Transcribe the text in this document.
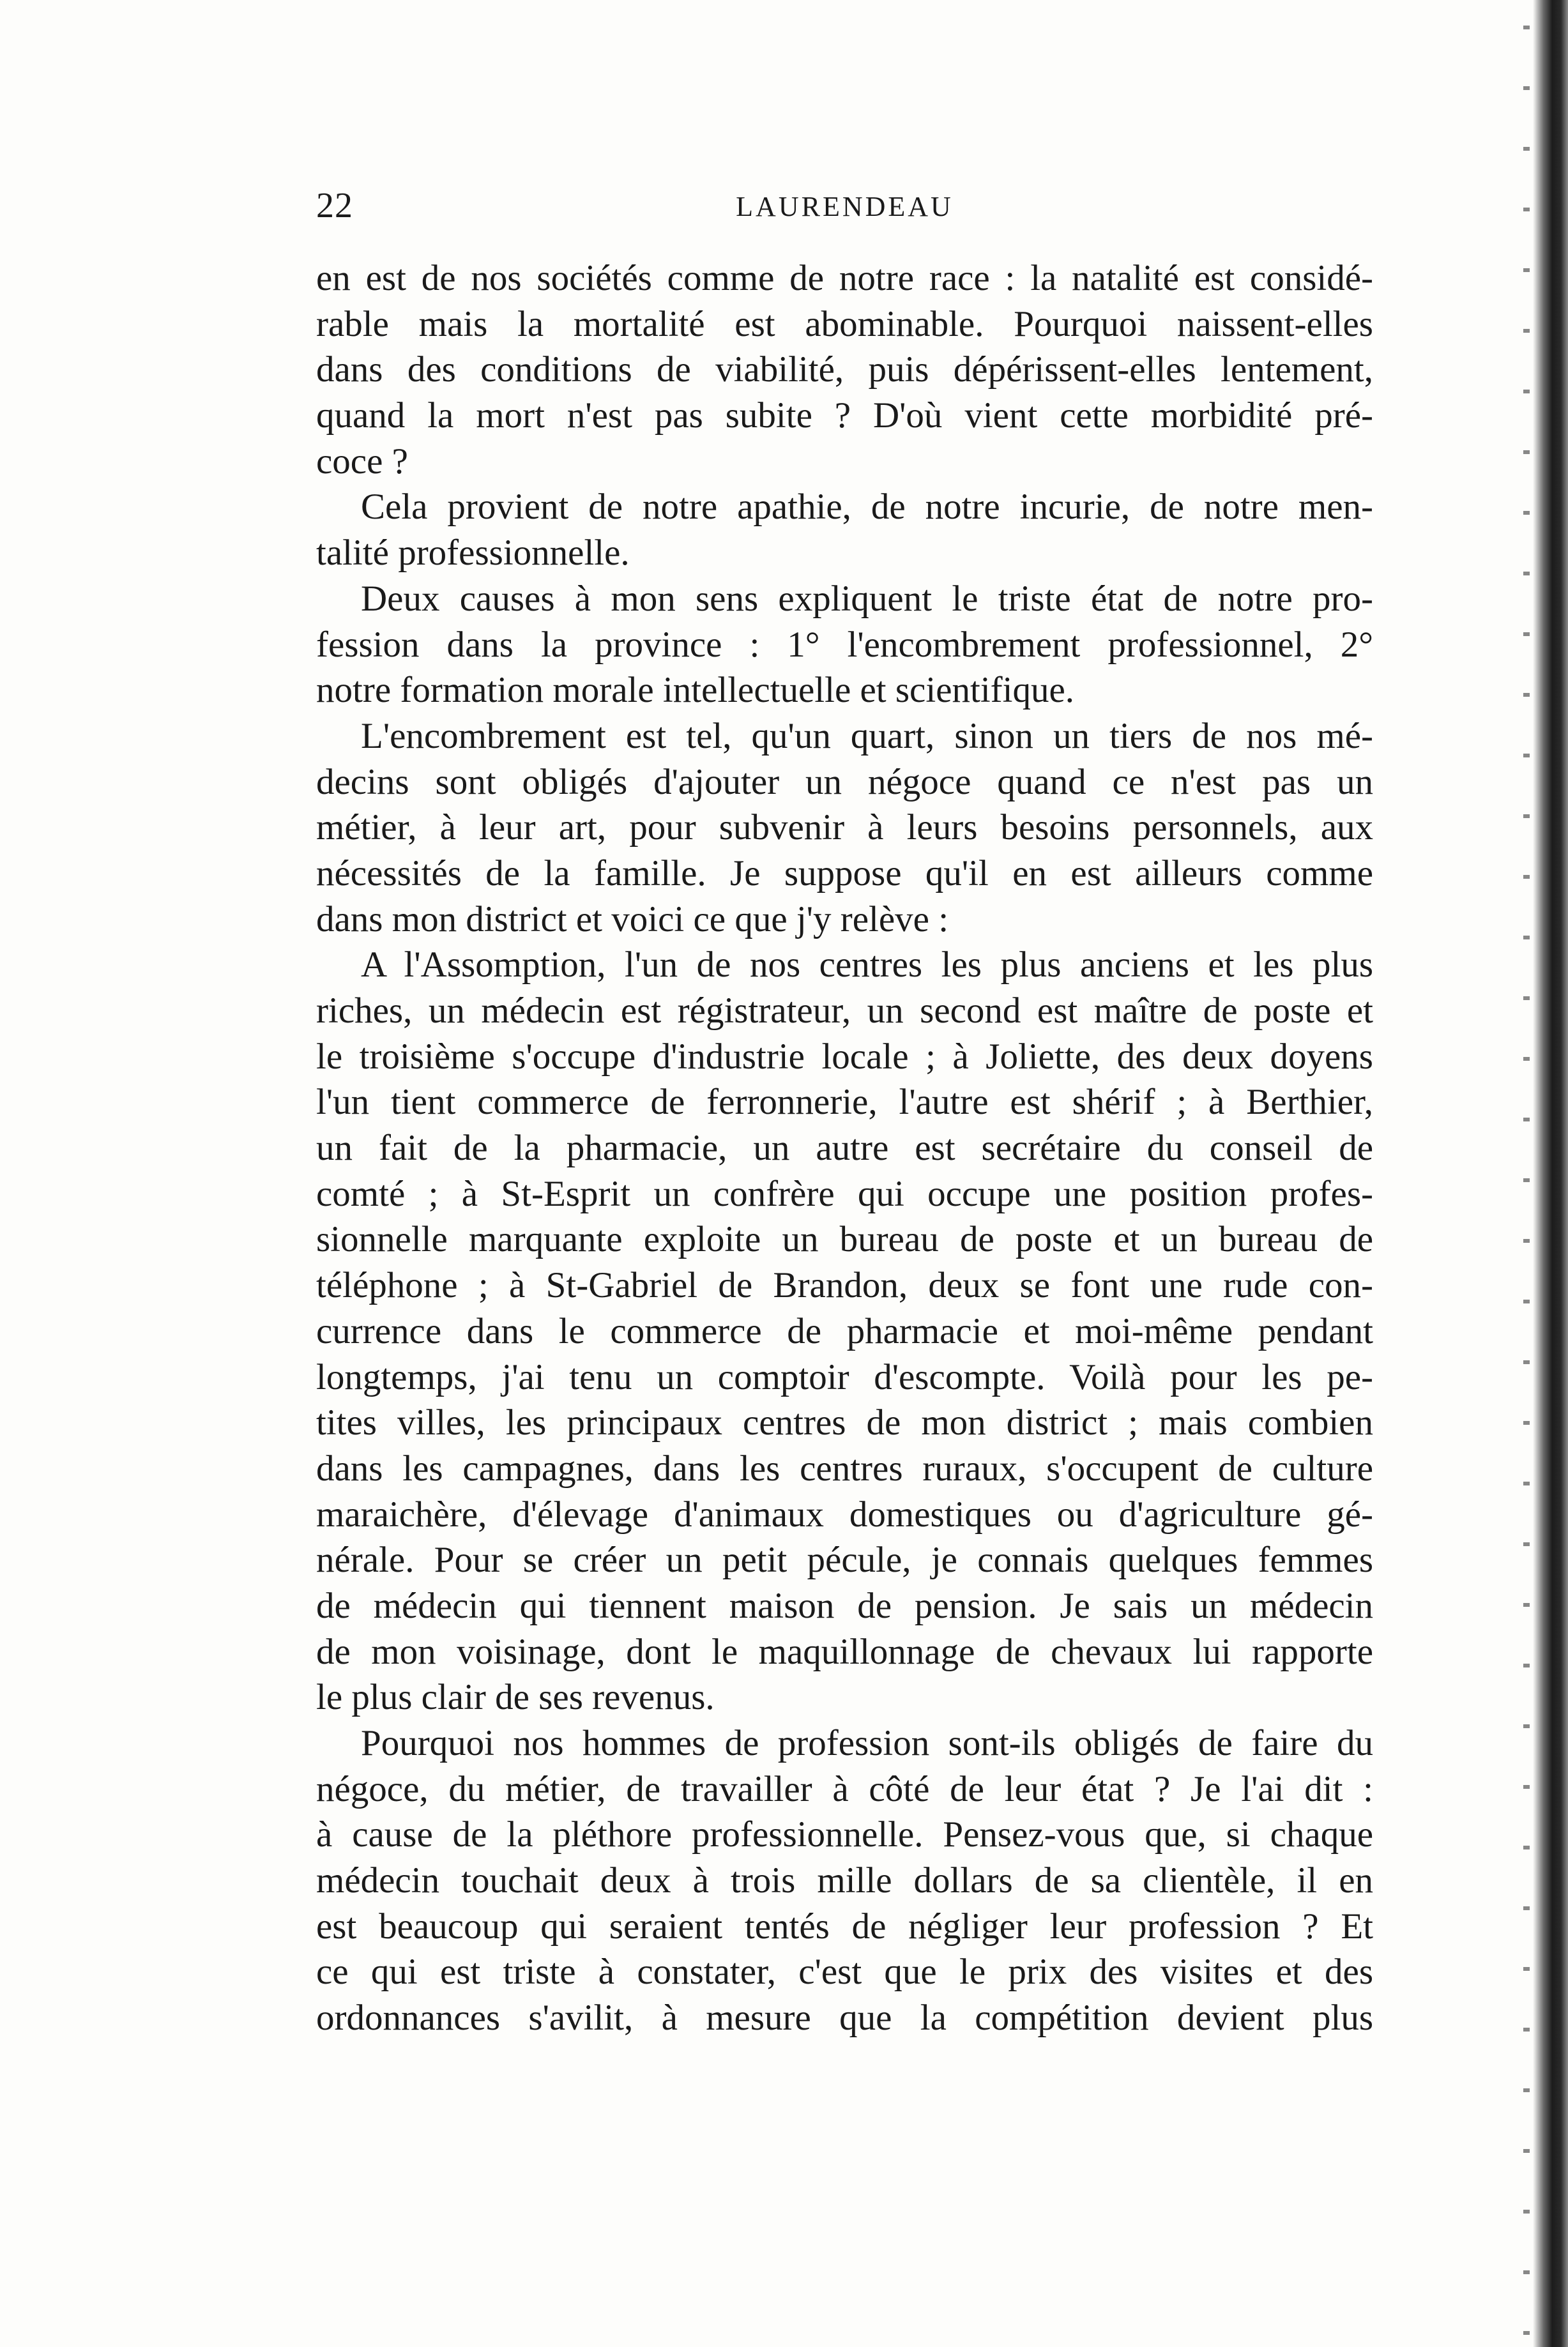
22	LAURENDEAU
en est de nos sociétés comme de notre race : la natalité est considé-
rable mais la mortalité est abominable. Pourquoi naissent-elles
dans des conditions de viabilité, puis dépérissent-elles lentement,
quand la mort n'est pas subite ? D'où vient cette morbidité pré-
coce ?
Cela provient de notre apathie, de notre incurie, de notre men-
talité professionnelle.
Deux causes à mon sens expliquent le triste état de notre pro-
fession dans la province : 1° l'encombrement professionnel, 2°
notre formation morale intellectuelle et scientifique.
L'encombrement est tel, qu'un quart, sinon un tiers de nos mé-
decins sont obligés d'ajouter un négoce quand ce n'est pas un
métier, à leur art, pour subvenir à leurs besoins personnels, aux
nécessités de la famille. Je suppose qu'il en est ailleurs comme
dans mon district et voici ce que j'y relève :
A l'Assomption, l'un de nos centres les plus anciens et les plus
riches, un médecin est régistrateur, un second est maître de poste et
le troisième s'occupe d'industrie locale ; à Joliette, des deux doyens
l'un tient commerce de ferronnerie, l'autre est shérif ; à Berthier,
un fait de la pharmacie, un autre est secrétaire du conseil de
comté ; à St-Esprit un confrère qui occupe une position profes-
sionnelle marquante exploite un bureau de poste et un bureau de
téléphone ; à St-Gabriel de Brandon, deux se font une rude con-
currence dans le commerce de pharmacie et moi-même pendant
longtemps, j'ai tenu un comptoir d'escompte. Voilà pour les pe-
tites villes, les principaux centres de mon district ; mais combien
dans les campagnes, dans les centres ruraux, s'occupent de culture
maraichère, d'élevage d'animaux domestiques ou d'agriculture gé-
nérale. Pour se créer un petit pécule, je connais quelques femmes
de médecin qui tiennent maison de pension. Je sais un médecin
de mon voisinage, dont le maquillonnage de chevaux lui rapporte
le plus clair de ses revenus.
Pourquoi nos hommes de profession sont-ils obligés de faire du
négoce, du métier, de travailler à côté de leur état ? Je l'ai dit :
à cause de la pléthore professionnelle. Pensez-vous que, si chaque
médecin touchait deux à trois mille dollars de sa clientèle, il en
est beaucoup qui seraient tentés de négliger leur profession ? Et
ce qui est triste à constater, c'est que le prix des visites et des
ordonnances s'avilit, à mesure que la compétition devient plus
